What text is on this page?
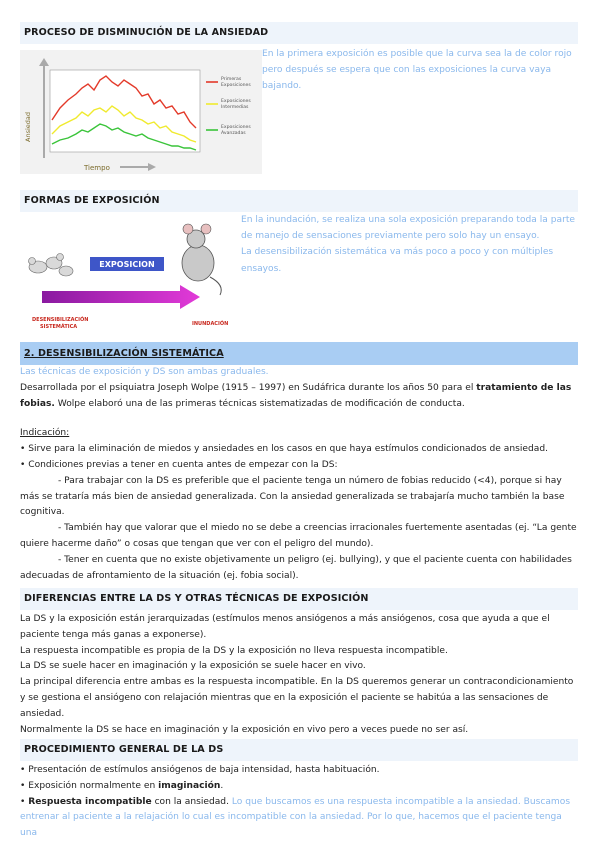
PROCESO DE DISMINUCIÓN DE LA ANSIEDAD
Ansiedad
Tiempo
Primeras
Exposiciones
Exposiciones
Intermedias
Exposiciones
Avanzadas
En la primera exposición es posible que la curva sea la de color rojo pero después se espera que con las exposiciones la curva vaya bajando.
FORMAS DE EXPOSICIÓN
EXPOSICION
DESENSIBILIZACIÓN
SISTEMÁTICA	INUNDACIÓN
En la inundación, se realiza una sola exposición preparando toda la parte de manejo de sensaciones previamente pero solo hay un ensayo.
La desensibilización sistemática va más poco a poco y con múltiples ensayos.
2. DESENSIBILIZACIÓN SISTEMÁTICA
Las técnicas de exposición y DS son ambas graduales.
Desarrollada por el psiquiatra Joseph Wolpe (1915 – 1997) en Sudáfrica durante los años 50 para el tratamiento de las fobias. Wolpe elaboró una de las primeras técnicas sistematizadas de modificación de conducta.
Indicación:
• Sirve para la eliminación de miedos y ansiedades en los casos en que haya estímulos condicionados de ansiedad.
• Condiciones previas a tener en cuenta antes de empezar con la DS:
- Para trabajar con la DS es preferible que el paciente tenga un número de fobias reducido (<4), porque si hay más se trataría más bien de ansiedad generalizada. Con la ansiedad generalizada se trabajaría mucho también la base cognitiva.
- También hay que valorar que el miedo no se debe a creencias irracionales fuertemente asentadas (ej. “La gente quiere hacerme daño” o cosas que tengan que ver con el peligro del mundo).
- Tener en cuenta que no existe objetivamente un peligro (ej. bullying), y que el paciente cuenta con habilidades adecuadas de afrontamiento de la situación (ej. fobia social).
DIFERENCIAS ENTRE LA DS Y OTRAS TÉCNICAS DE EXPOSICIÓN
La DS y la exposición están jerarquizadas (estímulos menos ansiógenos a más ansiógenos, cosa que ayuda a que el paciente tenga más ganas a exponerse).
La respuesta incompatible es propia de la DS y la exposición no lleva respuesta incompatible.
La DS se suele hacer en imaginación y la exposición se suele hacer en vivo.
La principal diferencia entre ambas es la respuesta incompatible. En la DS queremos generar un contracondicionamiento y se gestiona el ansiógeno con relajación mientras que en la exposición el paciente se habitúa a las sensaciones de ansiedad.
Normalmente la DS se hace en imaginación y la exposición en vivo pero a veces puede no ser así.
PROCEDIMIENTO GENERAL DE LA DS
• Presentación de estímulos ansiógenos de baja intensidad, hasta habituación.
• Exposición normalmente en imaginación.
• Respuesta incompatible con la ansiedad. Lo que buscamos es una respuesta incompatible a la ansiedad. Buscamos entrenar al paciente a la relajación lo cual es incompatible con la ansiedad. Por lo que, hacemos que el paciente tenga una
